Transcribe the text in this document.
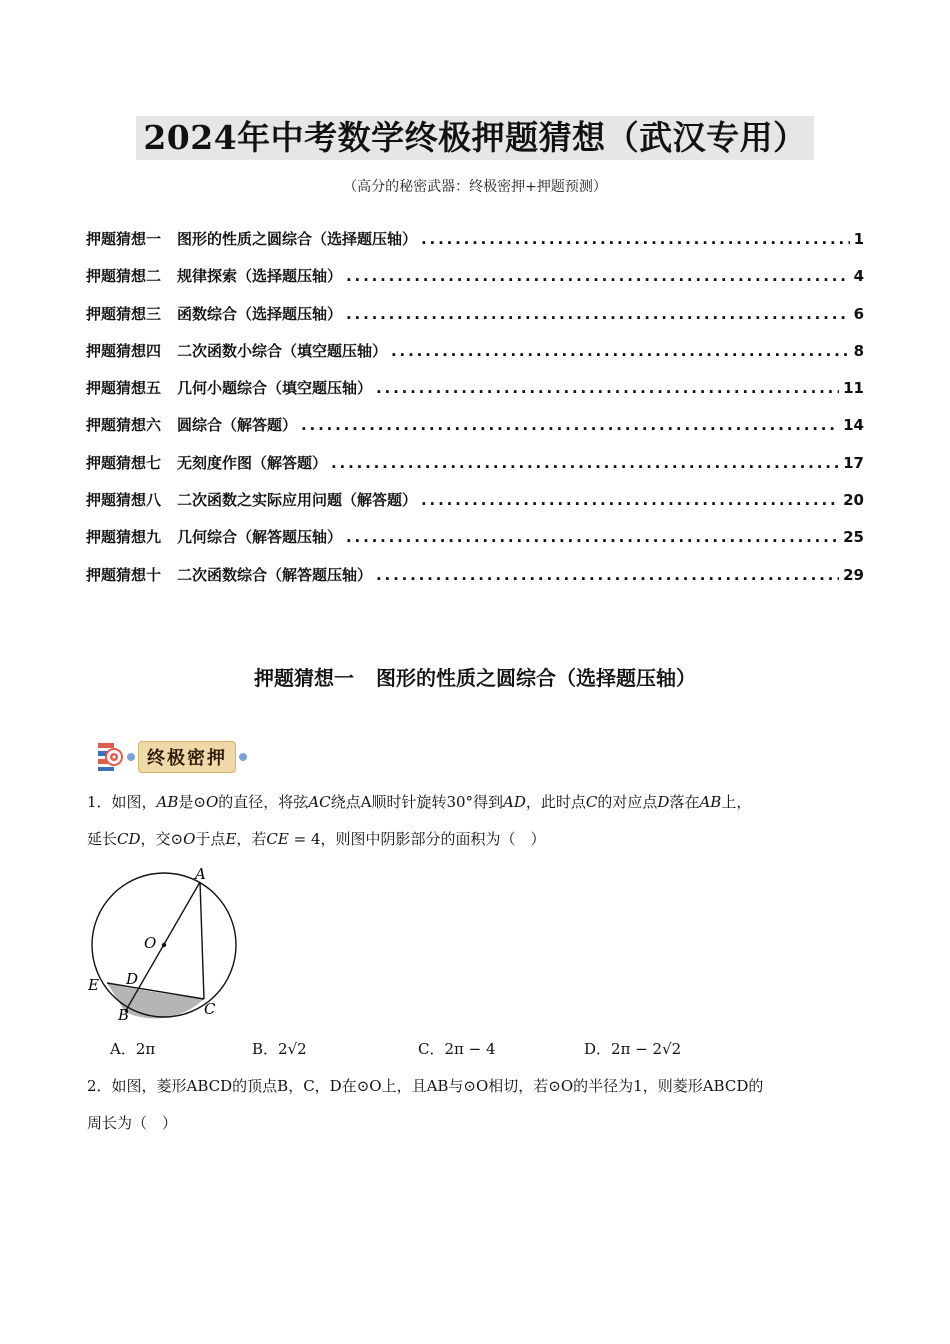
2024年中考数学终极押题猜想（武汉专用）
（高分的秘密武器：终极密押+押题预测）
押题猜想一 图形的性质之圆综合（选择题压轴） . . .	1
押题猜想二 规律探索（选择题压轴） . . .	4
押题猜想三 函数综合（选择题压轴） . . .	6
押题猜想四 二次函数小综合（填空题压轴） . . .	8
押题猜想五 几何小题综合（填空题压轴） . . .	11
押题猜想六 圆综合（解答题） . . .	14
押题猜想七 无刻度作图（解答题） . . .	17
押题猜想八 二次函数之实际应用问题（解答题） . . .	20
押题猜想九 几何综合（解答题压轴） . . .	25
押题猜想十 二次函数综合（解答题压轴） . . .	29
押题猜想一 图形的性质之圆综合（选择题压轴）
终极密押
1．如图，AB是⊙O的直径，将弦AC绕点A顺时针旋转30°得到AD，此时点C的对应点D落在AB上，
延长CD，交⊙O于点E，若CE = 4，则图中阴影部分的面积为（　）
A
O
D
E
B	C
A．2π	B．2√2	C．2π − 4	D．2π − 2√2
2．如图，菱形ABCD的顶点B，C，D在⊙O上，且AB与⊙O相切，若⊙O的半径为1，则菱形ABCD的
周长为（　）
